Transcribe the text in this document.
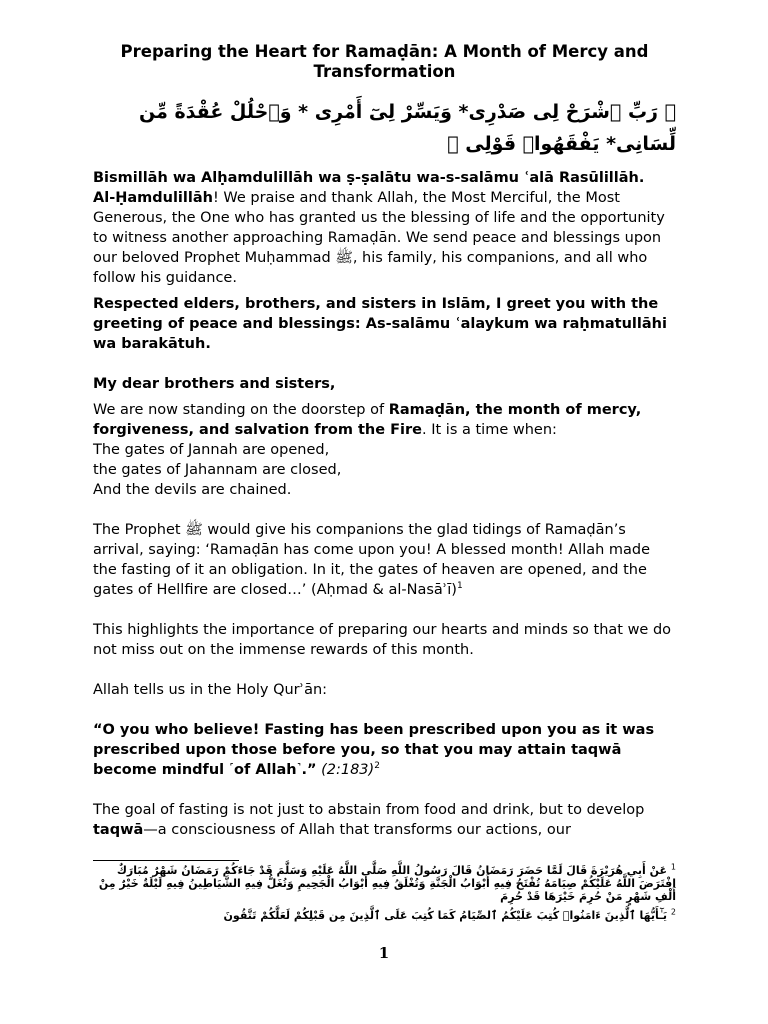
Preparing the Heart for Ramaḍān: A Month of Mercy and Transformation

﴿ رَبِّ ٱشْرَحْ لِى صَدْرِى* وَيَسِّرْ لِىٓ أَمْرِى * وَٱحْلُلْ عُقْدَةً مِّن لِّسَانِى* يَفْقَهُوا۟ قَوْلِى ﴾

Bismillāh wa Alḥamdulillāh wa ṣ-ṣalātu wa-s-salāmu ʿalā Rasūlillāh.

Al-Ḥamdulillāh! We praise and thank Allah, the Most Merciful, the Most Generous, the One who has granted us the blessing of life and the opportunity to witness another approaching Ramaḍān. We send peace and blessings upon our beloved Prophet Muḥammad ﷺ, his family, his companions, and all who follow his guidance.

Respected elders, brothers, and sisters in Islām, I greet you with the greeting of peace and blessings: As-salāmu ʿalaykum wa raḥmatullāhi wa barakātuh.

My dear brothers and sisters,

We are now standing on the doorstep of Ramaḍān, the month of mercy, forgiveness, and salvation from the Fire. It is a time when:
The gates of Jannah are opened,
the gates of Jahannam are closed,
And the devils are chained.

The Prophet ﷺ would give his companions the glad tidings of Ramaḍān’s arrival, saying: ‘Ramaḍān has come upon you! A blessed month! Allah made the fasting of it an obligation. In it, the gates of heaven are opened, and the gates of Hellfire are closed…’ (Aḥmad & al-Nasāʾī)$^1$

This highlights the importance of preparing our hearts and minds so that we do not miss out on the immense rewards of this month.

Allah tells us in the Holy Qurʾān:

“O you who believe! Fasting has been prescribed upon you as it was prescribed upon those before you, so that you may attain taqwā become mindful ˹of Allah˺.” (2:183)$^2$

The goal of fasting is not just to abstain from food and drink, but to develop taqwā—a consciousness of Allah that transforms our actions, our

$^1$ عَنْ أَبِي هُرَيْرَةَ قَالَ لَمَّا حَضَرَ رَمَضَانُ قَالَ رَسُولُ اللَّهِ صَلَّى اللَّهُ عَلَيْهِ وَسَلَّمَ قَدْ جَاءَكُمْ رَمَضَانُ شَهْرٌ مُبَارَكٌ افْتَرَضَ اللَّهُ عَلَيْكُمْ صِيَامَهُ تُفْتَحُ فِيهِ أَبْوَابُ الْجَنَّةِ وَتُغْلَقُ فِيهِ أَبْوَابُ الْجَحِيمِ وَتُغَلُّ فِيهِ الشَّيَاطِينُ فِيهِ لَيْلَةٌ خَيْرٌ مِنْ أَلْفِ شَهْرٍ مَنْ حُرِمَ خَيْرَهَا قَدْ حُرِمَ

$^2$ يَـٰٓأَيُّهَا ٱلَّذِينَ ءَامَنُوا۟ كُتِبَ عَلَيْكُمُ ٱلصِّيَامُ كَمَا كُتِبَ عَلَى ٱلَّذِينَ مِن قَبْلِكُمْ لَعَلَّكُمْ تَتَّقُونَ

1
